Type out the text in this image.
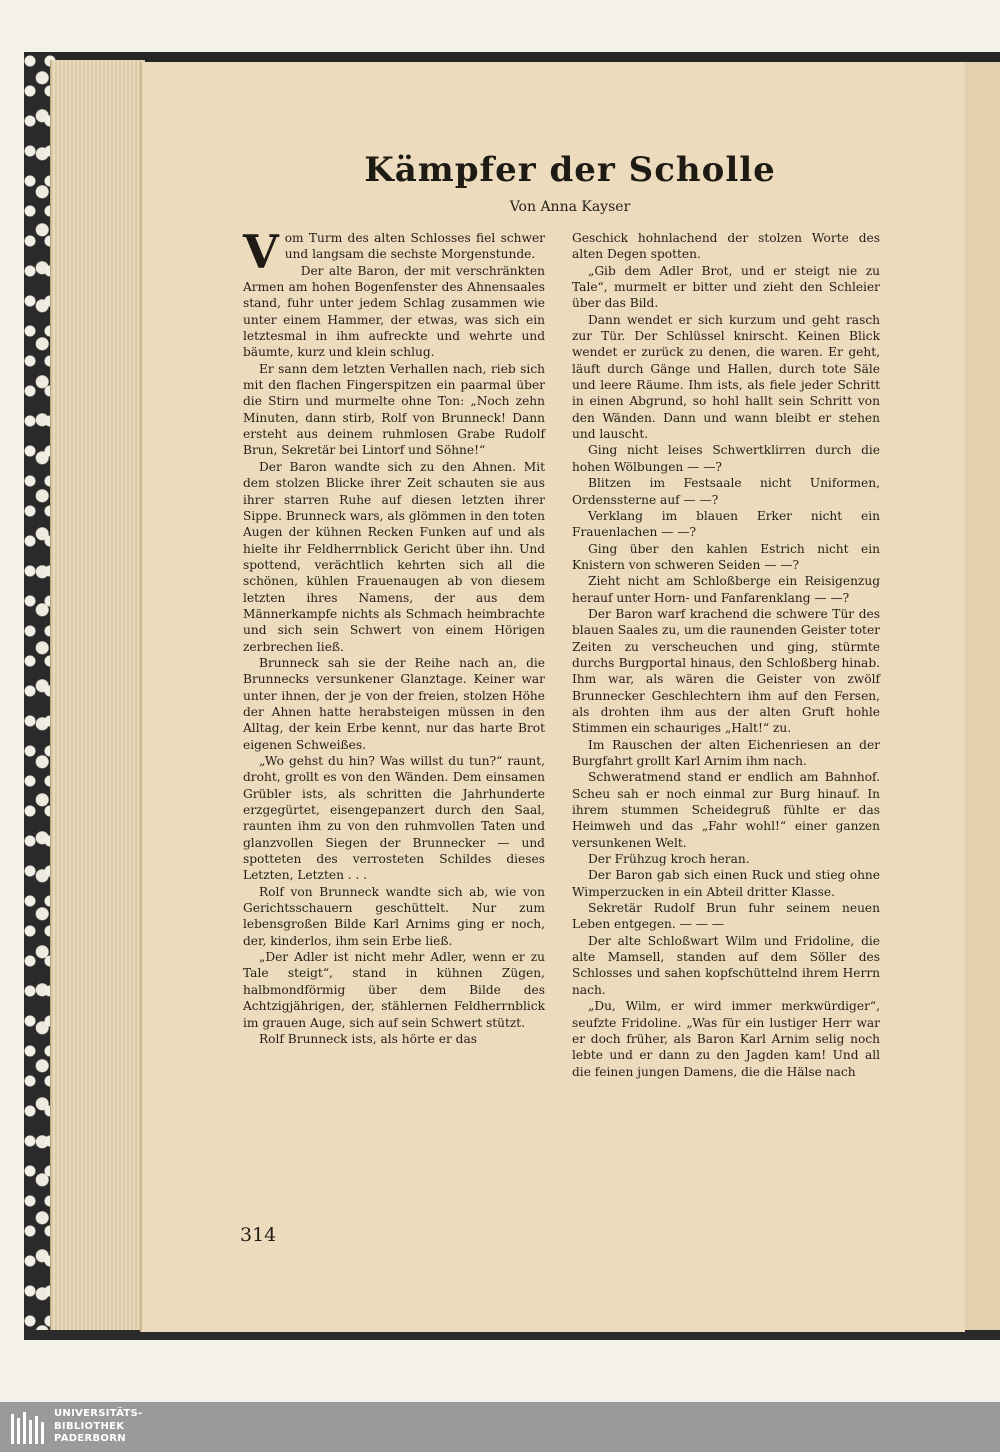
Kämpfer der Scholle
Von Anna Kayser

Vom Turm des alten Schlosses fiel schwer und langsam die sechste Morgenstunde.

Der alte Baron, der mit verschränkten Armen am hohen Bogenfenster des Ahnensaales stand, fuhr unter jedem Schlag zusammen wie unter einem Hammer, der etwas, was sich ein letztesmal in ihm aufreckte und wehrte und bäumte, kurz und klein schlug.

Er sann dem letzten Verhallen nach, rieb sich mit den flachen Fingerspitzen ein paarmal über die Stirn und murmelte ohne Ton: „Noch zehn Minuten, dann stirb, Rolf von Brunneck! Dann ersteht aus deinem ruhmlosen Grabe Rudolf Brun, Sekretär bei Lintorf und Söhne!“

Der Baron wandte sich zu den Ahnen. Mit dem stolzen Blicke ihrer Zeit schauten sie aus ihrer starren Ruhe auf diesen letzten ihrer Sippe. Brunneck wars, als glömmen in den toten Augen der kühnen Recken Funken auf und als hielte ihr Feldherrnblick Gericht über ihn. Und spottend, verächtlich kehrten sich all die schönen, kühlen Frauenaugen ab von diesem letzten ihres Namens, der aus dem Männerkampfe nichts als Schmach heimbrachte und sich sein Schwert von einem Hörigen zerbrechen ließ.

Brunneck sah sie der Reihe nach an, die Brunnecks versunkener Glanztage. Keiner war unter ihnen, der je von der freien, stolzen Höhe der Ahnen hatte herabsteigen müssen in den Alltag, der kein Erbe kennt, nur das harte Brot eigenen Schweißes.

„Wo gehst du hin? Was willst du tun?“ raunt, droht, grollt es von den Wänden. Dem einsamen Grübler ists, als schritten die Jahrhunderte erzgegürtet, eisengepanzert durch den Saal, raunten ihm zu von den ruhmvollen Taten und glanzvollen Siegen der Brunnecker — und spotteten des verrosteten Schildes dieses Letzten, Letzten . . .

Rolf von Brunneck wandte sich ab, wie von Gerichtsschauern geschüttelt. Nur zum lebensgroßen Bilde Karl Arnims ging er noch, der, kinderlos, ihm sein Erbe ließ.

„Der Adler ist nicht mehr Adler, wenn er zu Tale steigt“, stand in kühnen Zügen, halbmondförmig über dem Bilde des Achtzigjährigen, der, stählernen Feldherrnblick im grauen Auge, sich auf sein Schwert stützt.

Rolf Brunneck ists, als hörte er das

Geschick hohnlachend der stolzen Worte des alten Degen spotten.

„Gib dem Adler Brot, und er steigt nie zu Tale“, murmelt er bitter und zieht den Schleier über das Bild.

Dann wendet er sich kurzum und geht rasch zur Tür. Der Schlüssel knirscht. Keinen Blick wendet er zurück zu denen, die waren. Er geht, läuft durch Gänge und Hallen, durch tote Säle und leere Räume. Ihm ists, als fiele jeder Schritt in einen Abgrund, so hohl hallt sein Schritt von den Wänden. Dann und wann bleibt er stehen und lauscht.

Ging nicht leises Schwertklirren durch die hohen Wölbungen — —?

Blitzen im Festsaale nicht Uniformen, Ordenssterne auf — —?

Verklang im blauen Erker nicht ein Frauenlachen — —?

Ging über den kahlen Estrich nicht ein Knistern von schweren Seiden — —?

Zieht nicht am Schloßberge ein Reisigenzug herauf unter Horn- und Fanfarenklang — —?

Der Baron warf krachend die schwere Tür des blauen Saales zu, um die raunenden Geister toter Zeiten zu verscheuchen und ging, stürmte durchs Burgportal hinaus, den Schloßberg hinab. Ihm war, als wären die Geister von zwölf Brunnecker Geschlechtern ihm auf den Fersen, als drohten ihm aus der alten Gruft hohle Stimmen ein schauriges „Halt!“ zu.

Im Rauschen der alten Eichenriesen an der Burgfahrt grollt Karl Arnim ihm nach.

Schweratmend stand er endlich am Bahnhof. Scheu sah er noch einmal zur Burg hinauf. In ihrem stummen Scheidegruß fühlte er das Heimweh und das „Fahr wohl!“ einer ganzen versunkenen Welt.

Der Frühzug kroch heran.

Der Baron gab sich einen Ruck und stieg ohne Wimperzucken in ein Abteil dritter Klasse.

Sekretär Rudolf Brun fuhr seinem neuen Leben entgegen. — — —

Der alte Schloßwart Wilm und Fridoline, die alte Mamsell, standen auf dem Söller des Schlosses und sahen kopfschüttelnd ihrem Herrn nach.

„Du, Wilm, er wird immer merkwürdiger“, seufzte Fridoline. „Was für ein lustiger Herr war er doch früher, als Baron Karl Arnim selig noch lebte und er dann zu den Jagden kam! Und all die feinen jungen Damens, die die Hälse nach

314
UNIVERSITÄTS-
BIBLIOTHEK
PADERBORN
